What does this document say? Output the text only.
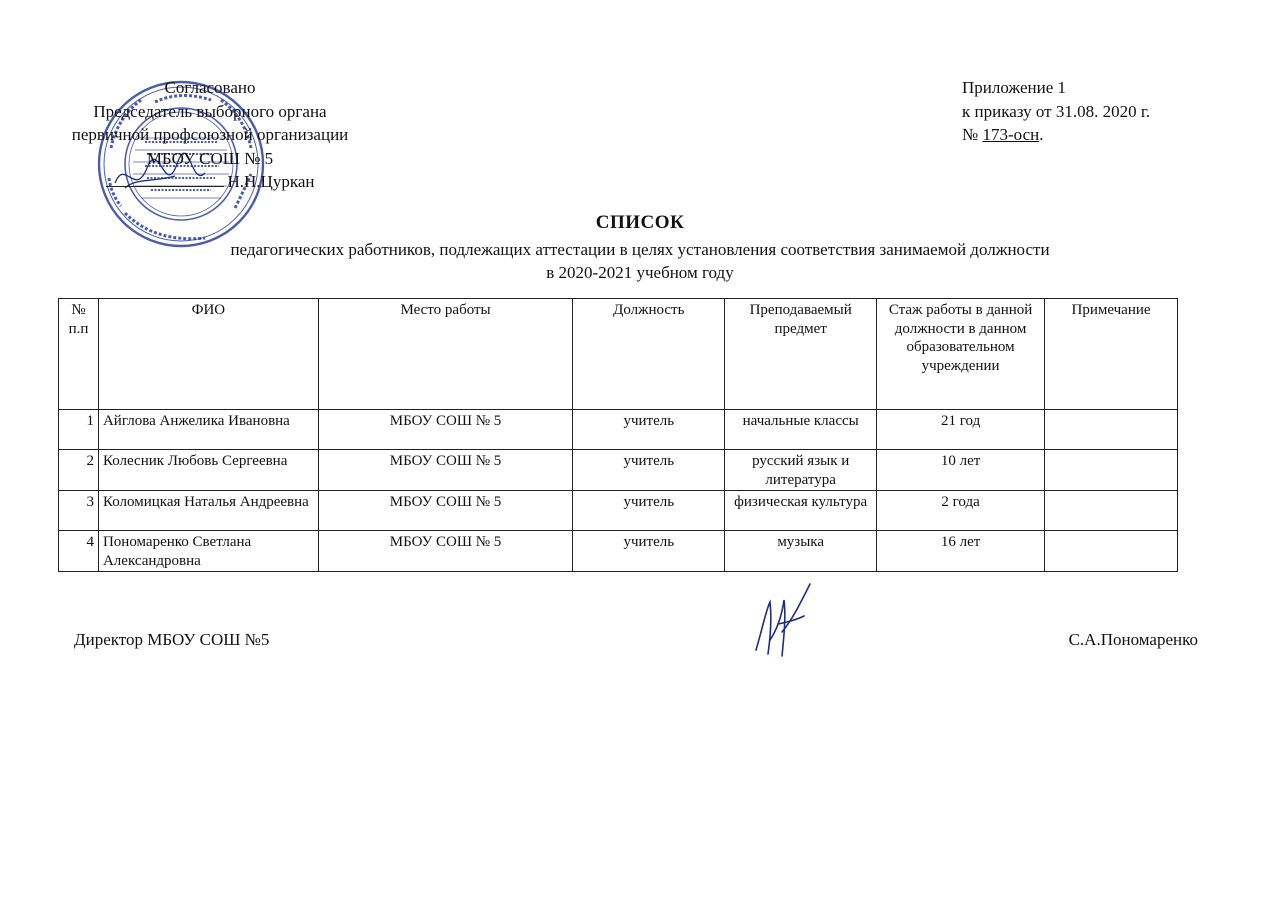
Согласовано
Председатель выборного органа
первичной профсоюзной организации
МБОУ СОШ № 5
Н.Н.Цуркан
Приложение 1
к приказу от 31.08. 2020 г.
№ 173-осн.
СПИСОК
педагогических работников, подлежащих аттестации в целях установления соответствия занимаемой должности
в 2020-2021 учебном году
№ п.п	ФИО	Место работы	Должность	Преподаваемый предмет	Стаж работы в данной должности в данном образовательном учреждении	Примечание
1	Айглова Анжелика Ивановна	МБОУ СОШ № 5	учитель	начальные классы	21 год	
2	Колесник Любовь Сергеевна	МБОУ СОШ № 5	учитель	русский язык и литература	10 лет	
3	Коломицкая Наталья Андреевна	МБОУ СОШ № 5	учитель	физическая культура	2 года	
4	Пономаренко Светлана Александровна	МБОУ СОШ № 5	учитель	музыка	16 лет	
Директор МБОУ СОШ №5	С.А.Пономаренко
